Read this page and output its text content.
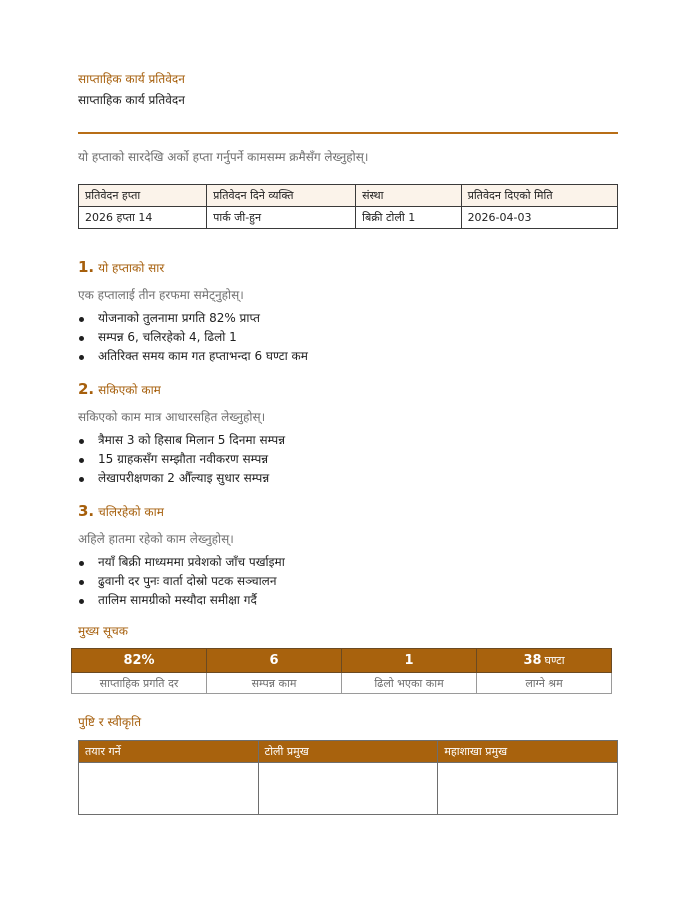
साप्ताहिक कार्य प्रतिवेदन
साप्ताहिक कार्य प्रतिवेदन
यो हप्ताको सारदेखि अर्को हप्ता गर्नुपर्ने कामसम्म क्रमैसँग लेख्नुहोस्।
प्रतिवेदन हप्ता	प्रतिवेदन दिने व्यक्ति	संस्था	प्रतिवेदन दिएको मिति
2026 हप्ता 14	पार्क जी-हुन	बिक्री टोली 1	2026-04-03
1. यो हप्ताको सार
एक हप्तालाई तीन हरफमा समेट्नुहोस्।
योजनाको तुलनामा प्रगति 82% प्राप्त
सम्पन्न 6, चलिरहेको 4, ढिलो 1
अतिरिक्त समय काम गत हप्ताभन्दा 6 घण्टा कम
2. सकिएको काम
सकिएको काम मात्र आधारसहित लेख्नुहोस्।
त्रैमास 3 को हिसाब मिलान 5 दिनमा सम्पन्न
15 ग्राहकसँग सम्झौता नवीकरण सम्पन्न
लेखापरीक्षणका 2 औँल्याइ सुधार सम्पन्न
3. चलिरहेको काम
अहिले हातमा रहेको काम लेख्नुहोस्।
नयाँ बिक्री माध्यममा प्रवेशको जाँच पर्खाइमा
ढुवानी दर पुनः वार्ता दोस्रो पटक सञ्चालन
तालिम सामग्रीको मस्यौदा समीक्षा गर्दै
मुख्य सूचक
82%	6	1	38 घण्टा
साप्ताहिक प्रगति दर	सम्पन्न काम	ढिलो भएका काम	लाग्ने श्रम
पुष्टि र स्वीकृति
तयार गर्ने	टोली प्रमुख	महाशाखा प्रमुख
